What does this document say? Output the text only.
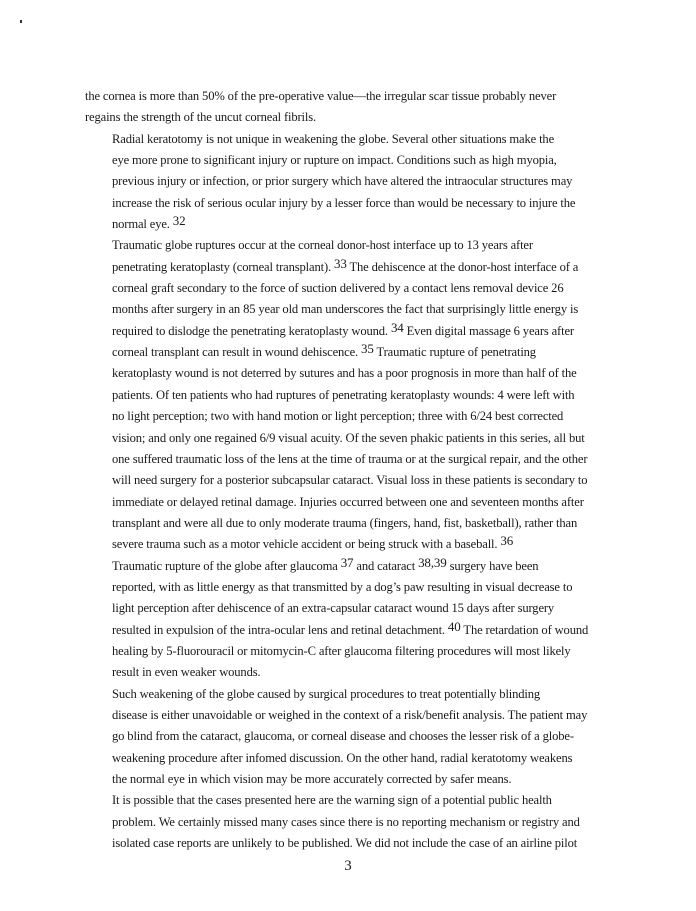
the cornea is more than 50% of the pre-operative value—the irregular scar tissue probably never
regains the strength of the uncut corneal fibrils.

Radial keratotomy is not unique in weakening the globe. Several other situations make the
eye more prone to significant injury or rupture on impact. Conditions such as high myopia,
previous injury or infection, or prior surgery which have altered the intraocular structures may
increase the risk of serious ocular injury by a lesser force than would be necessary to injure the
normal eye. $^{32}$

Traumatic globe ruptures occur at the corneal donor-host interface up to 13 years after
penetrating keratoplasty (corneal transplant). $^{33}$ The dehiscence at the donor-host interface of a
corneal graft secondary to the force of suction delivered by a contact lens removal device 26
months after surgery in an 85 year old man underscores the fact that surprisingly little energy is
required to dislodge the penetrating keratoplasty wound. $^{34}$ Even digital massage 6 years after
corneal transplant can result in wound dehiscence. $^{35}$ Traumatic rupture of penetrating
keratoplasty wound is not deterred by sutures and has a poor prognosis in more than half of the
patients. Of ten patients who had ruptures of penetrating keratoplasty wounds: 4 were left with
no light perception; two with hand motion or light perception; three with 6/24 best corrected
vision; and only one regained 6/9 visual acuity. Of the seven phakic patients in this series, all but
one suffered traumatic loss of the lens at the time of trauma or at the surgical repair, and the other
will need surgery for a posterior subcapsular cataract. Visual loss in these patients is secondary to
immediate or delayed retinal damage. Injuries occurred between one and seventeen months after
transplant and were all due to only moderate trauma (fingers, hand, fist, basketball), rather than
severe trauma such as a motor vehicle accident or being struck with a baseball. $^{36}$

Traumatic rupture of the globe after glaucoma $^{37}$ and cataract $^{38,39}$ surgery have been
reported, with as little energy as that transmitted by a dog’s paw resulting in visual decrease to
light perception after dehiscence of an extra-capsular cataract wound 15 days after surgery
resulted in expulsion of the intra-ocular lens and retinal detachment. $^{40}$ The retardation of wound
healing by 5-fluorouracil or mitomycin-C after glaucoma filtering procedures will most likely
result in even weaker wounds.

Such weakening of the globe caused by surgical procedures to treat potentially blinding
disease is either unavoidable or weighed in the context of a risk/benefit analysis. The patient may
go blind from the cataract, glaucoma, or corneal disease and chooses the lesser risk of a globe-
weakening procedure after infomed discussion. On the other hand, radial keratotomy weakens
the normal eye in which vision may be more accurately corrected by safer means.

It is possible that the cases presented here are the warning sign of a potential public health
problem. We certainly missed many cases since there is no reporting mechanism or registry and
isolated case reports are unlikely to be published. We did not include the case of an airline pilot

3
